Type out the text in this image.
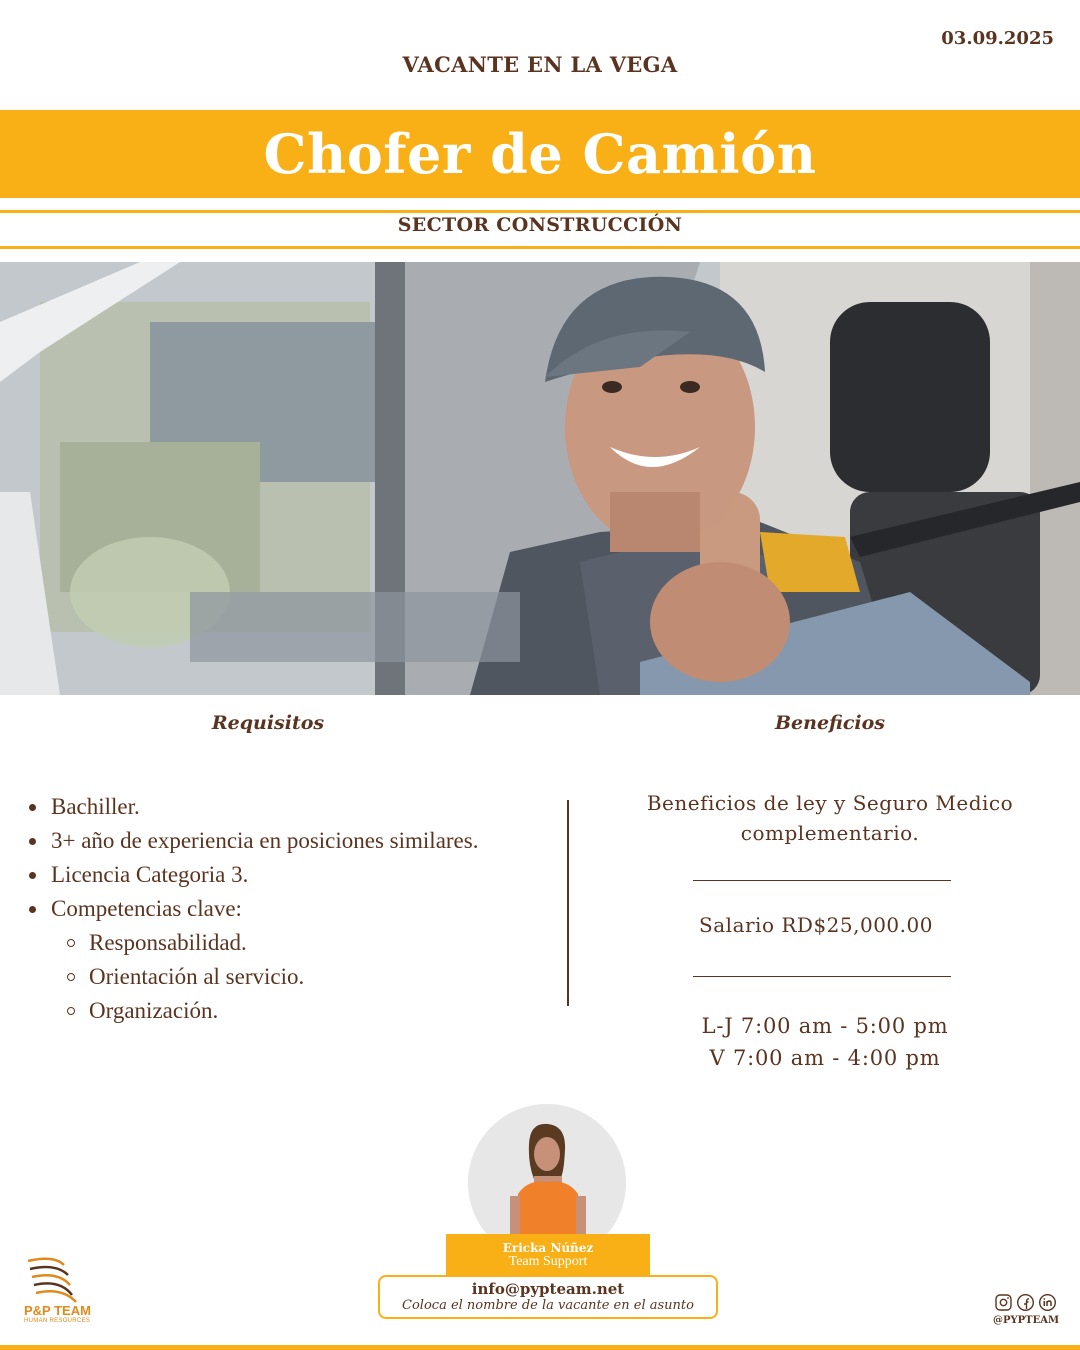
03.09.2025
VACANTE EN LA VEGA
Chofer de Camión
SECTOR CONSTRUCCIÓN
Requisitos	Beneficios
Bachiller.
3+ año de experiencia en posiciones similares.
Licencia Categoria 3.
Competencias clave:
Responsabilidad.
Orientación al servicio.
Organización.
Beneficios de ley y Seguro Medico
complementario.
Salario RD$25,000.00
L-J 7:00 am - 5:00 pm
V 7:00 am - 4:00 pm
Ericka Núñez
Team Support
info@pypteam.net
Coloca el nombre de la vacante en el asunto
P&P TEAM
HUMAN RESOURCES	@PYPTEAM
